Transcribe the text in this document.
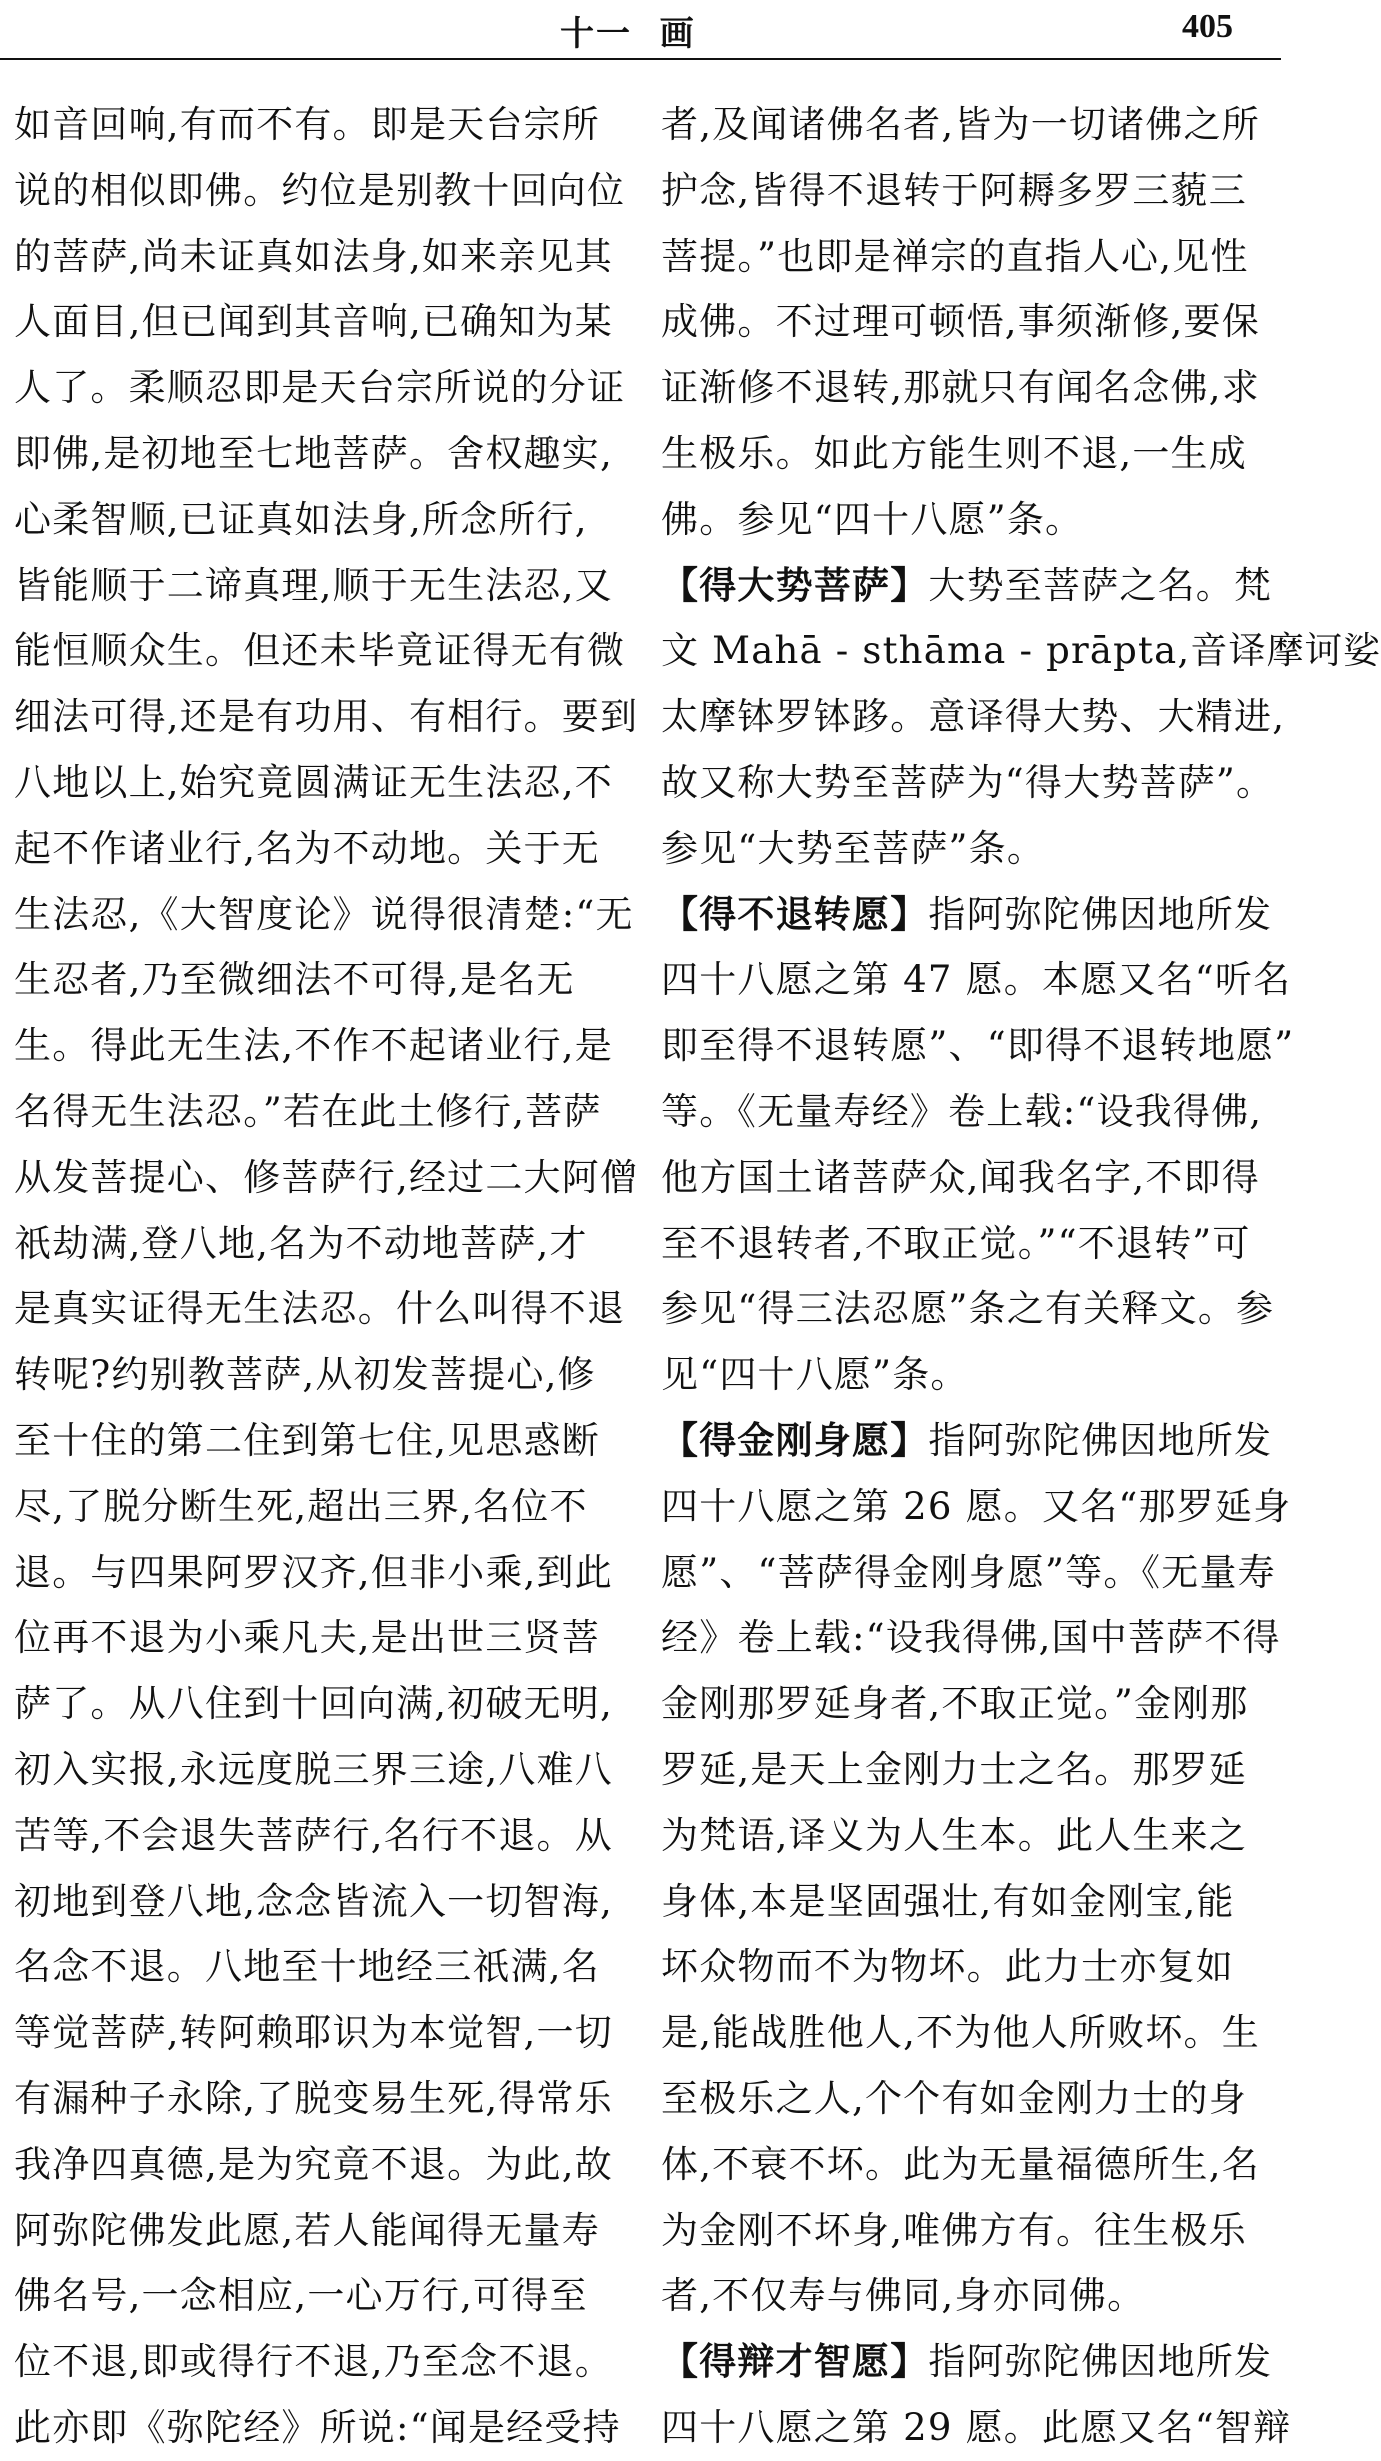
十一  画	405
如音回响,有而不有。即是天台宗所
说的相似即佛。约位是别教十回向位
的菩萨,尚未证真如法身,如来亲见其
人面目,但已闻到其音响,已确知为某
人了。柔顺忍即是天台宗所说的分证
即佛,是初地至七地菩萨。舍权趣实,
心柔智顺,已证真如法身,所念所行,
皆能顺于二谛真理,顺于无生法忍,又
能恒顺众生。但还未毕竟证得无有微
细法可得,还是有功用、有相行。要到
八地以上,始究竟圆满证无生法忍,不
起不作诸业行,名为不动地。关于无
生法忍,《大智度论》说得很清楚:“无
生忍者,乃至微细法不可得,是名无
生。得此无生法,不作不起诸业行,是
名得无生法忍。”若在此土修行,菩萨
从发菩提心、修菩萨行,经过二大阿僧
祇劫满,登八地,名为不动地菩萨,才
是真实证得无生法忍。什么叫得不退
转呢?约别教菩萨,从初发菩提心,修
至十住的第二住到第七住,见思惑断
尽,了脱分断生死,超出三界,名位不
退。与四果阿罗汉齐,但非小乘,到此
位再不退为小乘凡夫,是出世三贤菩
萨了。从八住到十回向满,初破无明,
初入实报,永远度脱三界三途,八难八
苦等,不会退失菩萨行,名行不退。从
初地到登八地,念念皆流入一切智海,
名念不退。八地至十地经三祇满,名
等觉菩萨,转阿赖耶识为本觉智,一切
有漏种子永除,了脱变易生死,得常乐
我净四真德,是为究竟不退。为此,故
阿弥陀佛发此愿,若人能闻得无量寿
佛名号,一念相应,一心万行,可得至
位不退,即或得行不退,乃至念不退。
此亦即《弥陀经》所说:“闻是经受持
者,及闻诸佛名者,皆为一切诸佛之所
护念,皆得不退转于阿耨多罗三藐三
菩提。”也即是禅宗的直指人心,见性
成佛。不过理可顿悟,事须渐修,要保
证渐修不退转,那就只有闻名念佛,求
生极乐。如此方能生则不退,一生成
佛。参见“四十八愿”条。
【得大势菩萨】大势至菩萨之名。梵
文 Mahā - sthāma - prāpta,音译摩诃娑
太摩钵罗钵跢。意译得大势、大精进,
故又称大势至菩萨为“得大势菩萨”。
参见“大势至菩萨”条。
【得不退转愿】指阿弥陀佛因地所发
四十八愿之第 47 愿。本愿又名“听名
即至得不退转愿”、“即得不退转地愿”
等。《无量寿经》卷上载:“设我得佛,
他方国土诸菩萨众,闻我名字,不即得
至不退转者,不取正觉。”“不退转”可
参见“得三法忍愿”条之有关释文。参
见“四十八愿”条。
【得金刚身愿】指阿弥陀佛因地所发
四十八愿之第 26 愿。又名“那罗延身
愿”、“菩萨得金刚身愿”等。《无量寿
经》卷上载:“设我得佛,国中菩萨不得
金刚那罗延身者,不取正觉。”金刚那
罗延,是天上金刚力士之名。那罗延
为梵语,译义为人生本。此人生来之
身体,本是坚固强壮,有如金刚宝,能
坏众物而不为物坏。此力士亦复如
是,能战胜他人,不为他人所败坏。生
至极乐之人,个个有如金刚力士的身
体,不衰不坏。此为无量福德所生,名
为金刚不坏身,唯佛方有。往生极乐
者,不仅寿与佛同,身亦同佛。
【得辩才智愿】指阿弥陀佛因地所发
四十八愿之第 29 愿。此愿又名“智辩
